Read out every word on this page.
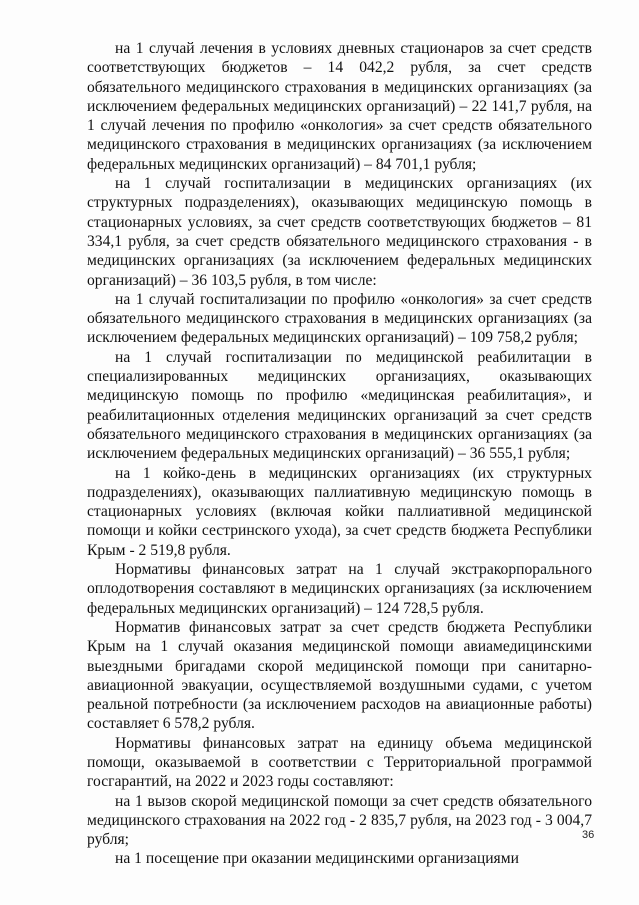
на 1 случай лечения в условиях дневных стационаров за счет средств соответствующих бюджетов – 14 042,2 рубля, за счет средств обязательного медицинского страхования в медицинских организациях (за исключением федеральных медицинских организаций) – 22 141,7 рубля, на 1 случай лечения по профилю «онкология» за счет средств обязательного медицинского страхования в медицинских организациях (за исключением федеральных медицинских организаций) – 84 701,1 рубля;

на 1 случай госпитализации в медицинских организациях (их структурных подразделениях), оказывающих медицинскую помощь в стационарных условиях, за счет средств соответствующих бюджетов – 81 334,1 рубля, за счет средств обязательного медицинского страхования - в медицинских организациях (за исключением федеральных медицинских организаций) – 36 103,5 рубля, в том числе:

на 1 случай госпитализации по профилю «онкология» за счет средств обязательного медицинского страхования в медицинских организациях (за исключением федеральных медицинских организаций) – 109 758,2 рубля;

на 1 случай госпитализации по медицинской реабилитации в специализированных медицинских организациях, оказывающих медицинскую помощь по профилю «медицинская реабилитация», и реабилитационных отделения медицинских организаций за счет средств обязательного медицинского страхования в медицинских организациях (за исключением федеральных медицинских организаций) – 36 555,1 рубля;

на 1 койко-день в медицинских организациях (их структурных подразделениях), оказывающих паллиативную медицинскую помощь в стационарных условиях (включая койки паллиативной медицинской помощи и койки сестринского ухода), за счет средств бюджета Республики Крым - 2 519,8 рубля.

Нормативы финансовых затрат на 1 случай экстракорпорального оплодотворения составляют в медицинских организациях (за исключением федеральных медицинских организаций) – 124 728,5 рубля.

Норматив финансовых затрат за счет средств бюджета Республики Крым на 1 случай оказания медицинской помощи авиамедицинскими выездными бригадами скорой медицинской помощи при санитарно-авиационной эвакуации, осуществляемой воздушными судами, с учетом реальной потребности (за исключением расходов на авиационные работы) составляет 6 578,2 рубля.

Нормативы финансовых затрат на единицу объема медицинской помощи, оказываемой в соответствии с Территориальной программой госгарантий, на 2022 и 2023 годы составляют:

на 1 вызов скорой медицинской помощи за счет средств обязательного медицинского страхования на 2022 год - 2 835,7 рубля, на 2023 год - 3 004,7 рубля;

на 1 посещение при оказании медицинскими организациями

36
